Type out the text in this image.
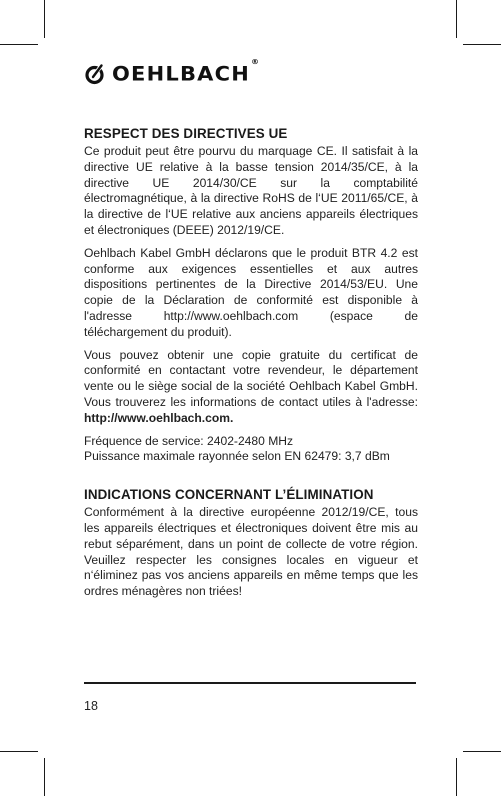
OEHLBACH®
RESPECT DES DIRECTIVES UE

Ce produit peut être pourvu du marquage CE. Il satisfait à la directive UE relative à la basse tension 2014/35/CE, à la directive UE 2014/30/CE sur la comptabilité électromagnétique, à la directive RoHS de l‘UE 2011/65/CE, à la directive de l‘UE relative aux anciens appareils électriques et électroniques (DEEE) 2012/19/CE.

Oehlbach Kabel GmbH déclarons que le produit BTR 4.2 est conforme aux exigences essentielles et aux autres dispositions pertinentes de la Directive 2014/53/EU. Une copie de la Déclaration de conformité est disponible à l'adresse http://www.oehlbach.com (espace de téléchargement du produit).

Vous pouvez obtenir une copie gratuite du certificat de conformité en contactant votre revendeur, le département vente ou le siège social de la société Oehlbach Kabel GmbH. Vous trouverez les informations de contact utiles à l'adresse: http://www.oehlbach.com.

Fréquence de service: 2402-2480 MHz

Puissance maximale rayonnée selon EN 62479: 3,7 dBm

INDICATIONS CONCERNANT L’ÉLIMINATION

Conformément à la directive européenne 2012/19/CE, tous les appareils électriques et électroniques doivent être mis au rebut séparément, dans un point de collecte de votre région. Veuillez respecter les consignes locales en vigueur et n‘éliminez pas vos anciens appareils en même temps que les ordres ménagères non triées!

18
